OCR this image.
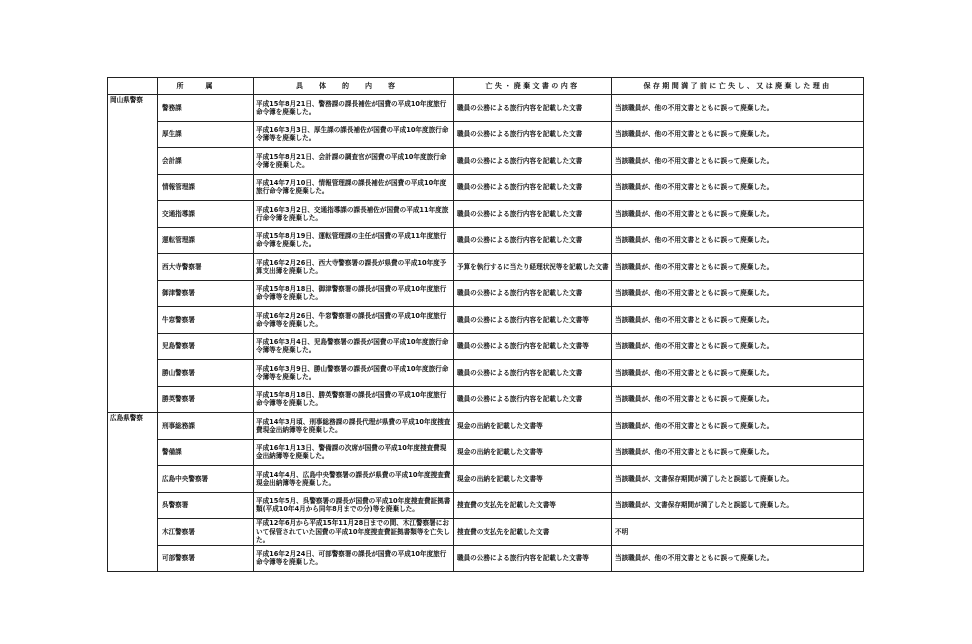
	所属	具体的内容	亡失・廃棄文書の内容	保存期間満了前に亡失し、又は廃棄した理由
岡山県警察	警務課	平成15年8月21日、警務課の課長補佐が国費の平成10年度旅行命令簿を廃棄した。	職員の公務による旅行内容を記載した文書	当該職員が、他の不用文書とともに誤って廃棄した。
	厚生課	平成16年3月3日、厚生課の課長補佐が国費の平成10年度旅行命令簿等を廃棄した。	職員の公務による旅行内容を記載した文書	当該職員が、他の不用文書とともに誤って廃棄した。
	会計課	平成15年8月21日、会計課の調査官が国費の平成10年度旅行命令簿を廃棄した。	職員の公務による旅行内容を記載した文書	当該職員が、他の不用文書とともに誤って廃棄した。
	情報管理課	平成14年7月10日、情報管理課の課長補佐が国費の平成10年度旅行命令簿を廃棄した。	職員の公務による旅行内容を記載した文書	当該職員が、他の不用文書とともに誤って廃棄した。
	交通指導課	平成16年3月2日、交通指導課の課長補佐が国費の平成11年度旅行命令簿を廃棄した。	職員の公務による旅行内容を記載した文書	当該職員が、他の不用文書とともに誤って廃棄した。
	運転管理課	平成15年8月19日、運転管理課の主任が国費の平成11年度旅行命令簿を廃棄した。	職員の公務による旅行内容を記載した文書	当該職員が、他の不用文書とともに誤って廃棄した。
	西大寺警察署	平成16年2月26日、西大寺警察署の課長が県費の平成10年度予算支出簿を廃棄した。	予算を執行するに当たり経理状況等を記載した文書	当該職員が、他の不用文書とともに誤って廃棄した。
	御津警察署	平成15年8月18日、御津警察署の課長が国費の平成10年度旅行命令簿等を廃棄した。	職員の公務による旅行内容を記載した文書	当該職員が、他の不用文書とともに誤って廃棄した。
	牛窓警察署	平成16年2月26日、牛窓警察署の課長が国費の平成10年度旅行命令簿等を廃棄した。	職員の公務による旅行内容を記載した文書等	当該職員が、他の不用文書とともに誤って廃棄した。
	児島警察署	平成16年3月4日、児島警察署の課長が国費の平成10年度旅行命令簿等を廃棄した。	職員の公務による旅行内容を記載した文書等	当該職員が、他の不用文書とともに誤って廃棄した。
	勝山警察署	平成16年3月9日、勝山警察署の課長が国費の平成10年度旅行命令簿等を廃棄した。	職員の公務による旅行内容を記載した文書	当該職員が、他の不用文書とともに誤って廃棄した。
	勝英警察署	平成15年8月18日、勝英警察署の課長が国費の平成10年度旅行命令簿等を廃棄した。	職員の公務による旅行内容を記載した文書	当該職員が、他の不用文書とともに誤って廃棄した。
広島県警察	刑事総務課	平成14年3月頃、刑事総務課の課長代理が県費の平成10年度捜査費現金出納簿等を廃棄した。	現金の出納を記載した文書等	当該職員が、他の不用文書とともに誤って廃棄した。
	警備課	平成16年1月13日、警備課の次席が国費の平成10年度捜査費現金出納簿等を廃棄した。	現金の出納を記載した文書等	当該職員が、他の不用文書とともに誤って廃棄した。
	広島中央警察署	平成14年4月、広島中央警察署の課長が県費の平成10年度捜査費現金出納簿等を廃棄した。	現金の出納を記載した文書等	当該職員が、文書保存期間が満了したと誤認して廃棄した。
	呉警察署	平成15年5月、呉警察署の課長が国費の平成10年度捜査費証拠書類(平成10年4月から同年8月までの分)等を廃棄した。	捜査費の支払先を記載した文書等	当該職員が、文書保存期間が満了したと誤認して廃棄した。
	木江警察署	平成12年6月から平成15年11月28日までの間、木江警察署において保管されていた国費の平成10年度捜査費証拠書類等を亡失した。	捜査費の支払先を記載した文書	不明
	可部警察署	平成16年2月24日、可部警察署の課長が国費の平成10年度旅行命令簿等を廃棄した。	職員の公務による旅行内容を記載した文書等	当該職員が、他の不用文書とともに誤って廃棄した。
